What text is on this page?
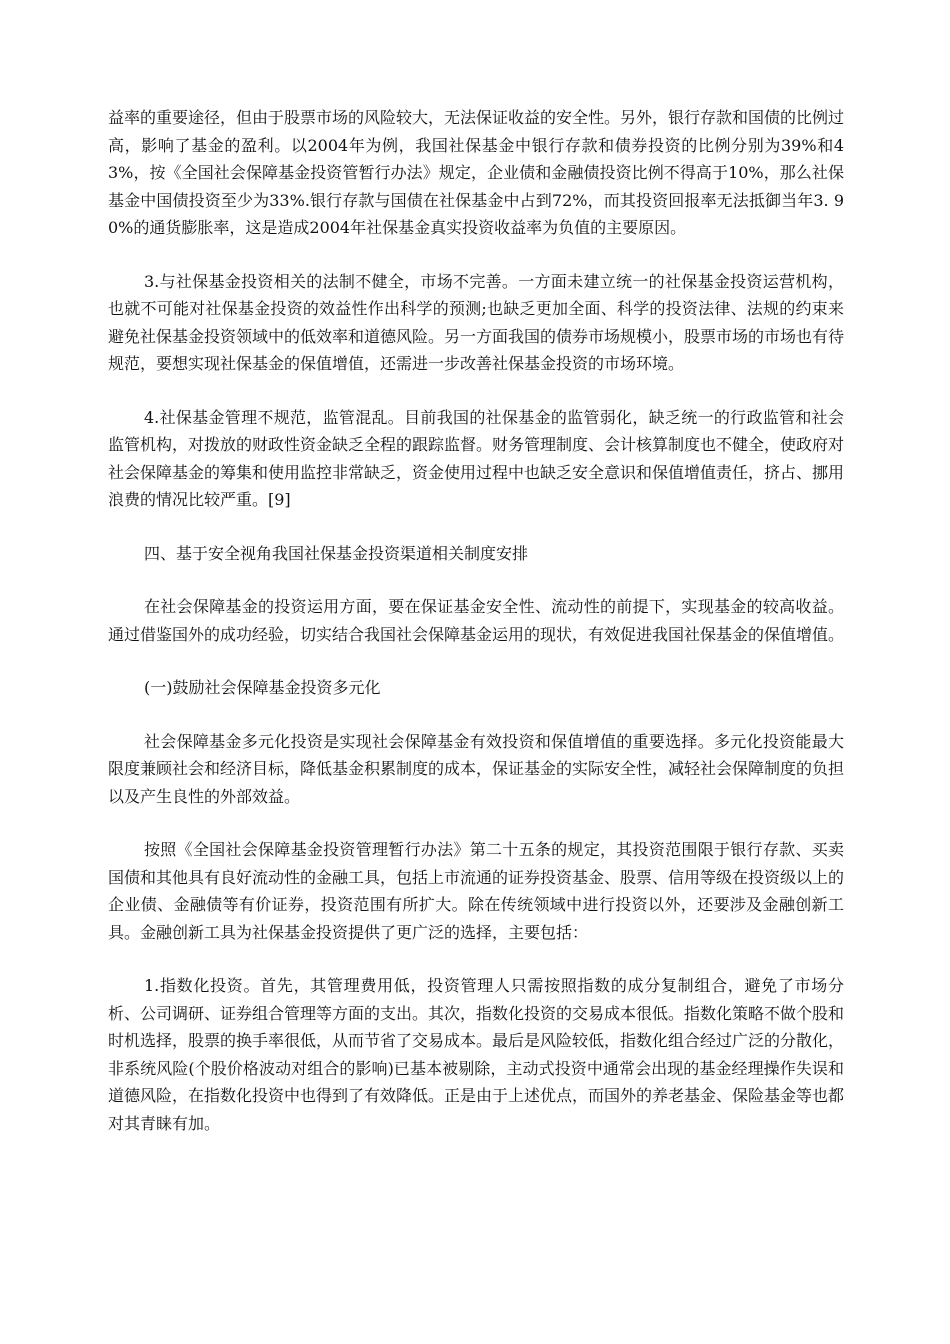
益率的重要途径，但由于股票市场的风险较大，无法保证收益的安全性。另外，银行存款和国债的比例过高，影响了基金的盈利。以2004年为例，我国社保基金中银行存款和债券投资的比例分别为39%和43%，按《全国社会保障基金投资管暂行办法》规定，企业债和金融债投资比例不得高于10%，那么社保基金中国债投资至少为33%.银行存款与国债在社保基金中占到72%，而其投资回报率无法抵御当年3. 90%的通货膨胀率，这是造成2004年社保基金真实投资收益率为负值的主要原因。

3.与社保基金投资相关的法制不健全，市场不完善。一方面未建立统一的社保基金投资运营机构，也就不可能对社保基金投资的效益性作出科学的预测;也缺乏更加全面、科学的投资法律、法规的约束来避免社保基金投资领域中的低效率和道德风险。另一方面我国的债券市场规模小，股票市场的市场也有待规范，要想实现社保基金的保值增值，还需进一步改善社保基金投资的市场环境。

4.社保基金管理不规范，监管混乱。目前我国的社保基金的监管弱化，缺乏统一的行政监管和社会监管机构，对拨放的财政性资金缺乏全程的跟踪监督。财务管理制度、会计核算制度也不健全，使政府对社会保障基金的筹集和使用监控非常缺乏，资金使用过程中也缺乏安全意识和保值增值责任，挤占、挪用浪费的情况比较严重。[9]

四、基于安全视角我国社保基金投资渠道相关制度安排

在社会保障基金的投资运用方面，要在保证基金安全性、流动性的前提下，实现基金的较高收益。通过借鉴国外的成功经验，切实结合我国社会保障基金运用的现状，有效促进我国社保基金的保值增值。

(一)鼓励社会保障基金投资多元化

社会保障基金多元化投资是实现社会保障基金有效投资和保值增值的重要选择。多元化投资能最大限度兼顾社会和经济目标，降低基金积累制度的成本，保证基金的实际安全性，减轻社会保障制度的负担以及产生良性的外部效益。

按照《全国社会保障基金投资管理暂行办法》第二十五条的规定，其投资范围限于银行存款、买卖国债和其他具有良好流动性的金融工具，包括上市流通的证券投资基金、股票、信用等级在投资级以上的企业债、金融债等有价证券，投资范围有所扩大。除在传统领域中进行投资以外，还要涉及金融创新工具。金融创新工具为社保基金投资提供了更广泛的选择，主要包括：

1.指数化投资。首先，其管理费用低，投资管理人只需按照指数的成分复制组合，避免了市场分析、公司调研、证券组合管理等方面的支出。其次，指数化投资的交易成本很低。指数化策略不做个股和时机选择，股票的换手率很低，从而节省了交易成本。最后是风险较低，指数化组合经过广泛的分散化，非系统风险(个股价格波动对组合的影响)已基本被剔除，主动式投资中通常会出现的基金经理操作失误和道德风险，在指数化投资中也得到了有效降低。正是由于上述优点，而国外的养老基金、保险基金等也都对其青睐有加。
